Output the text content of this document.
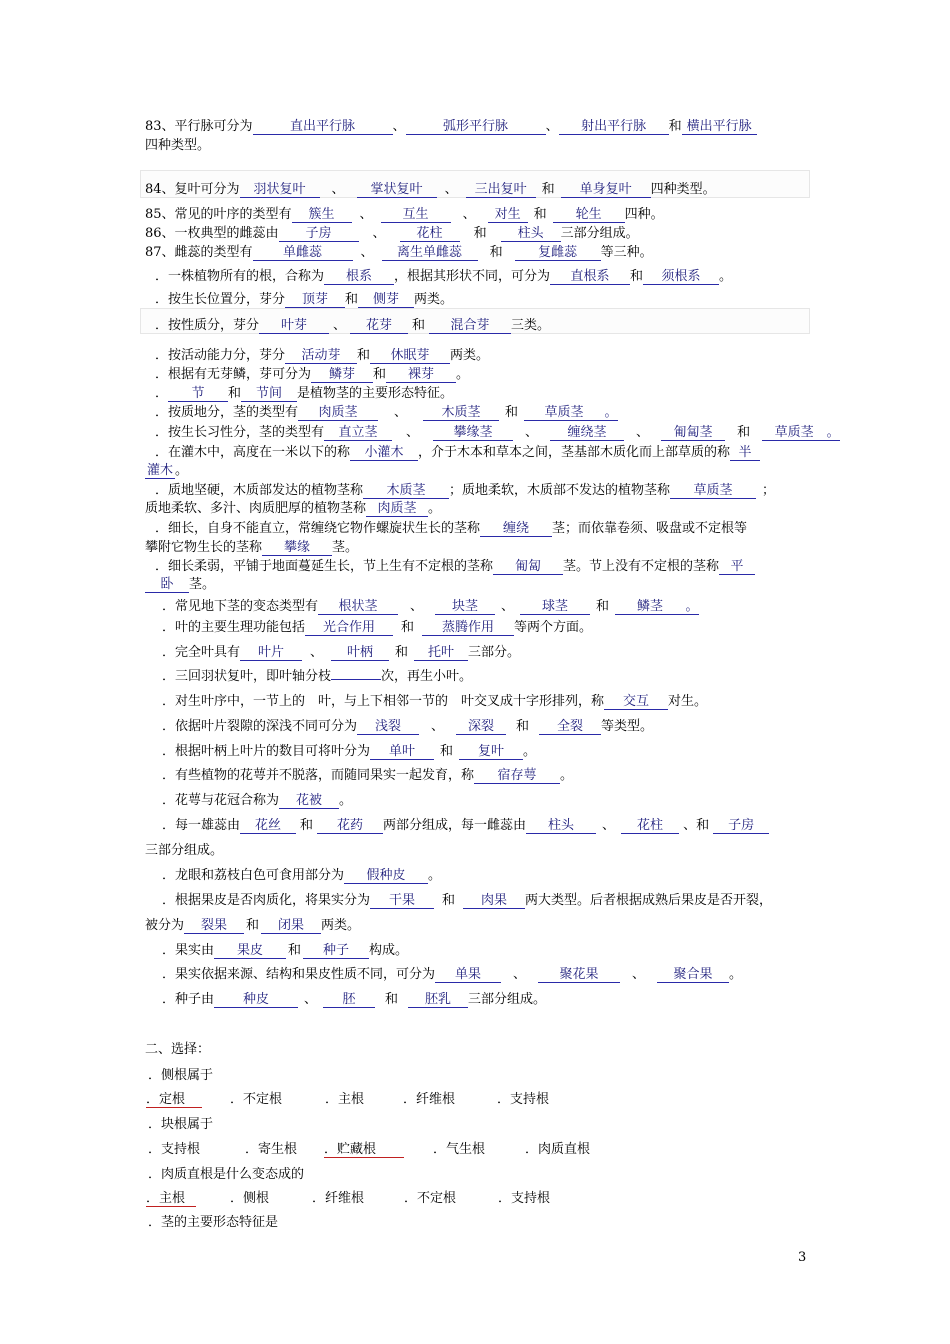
83、平行脉可分为	直出平行脉	、	弧形平行脉	、 射出平行脉 和 横出平行脉
四种类型。
84、复叶可分为 羽状复叶 、 掌状复叶 、 三出复叶 和 单身复叶 四种类型。
85、常见的叶序的类型有 簇生 、 互生	、 对生 和 轮生 四种。
86、一枚典型的雌蕊由 子房	、 花柱 和 柱头 三部分组成。
87、雌蕊的类型有 单雌蕊	、 离生单雌蕊 和	复雌蕊 等三种。
．一株植物所有的根，合称为 根系 ，根据其形状不同，可分为 直根系 和 须根系 。
．按生长位置分，芽分 顶芽 和 侧芽 两类。
．按性质分，芽分 叶芽 、 花芽 和 混合芽 三类。
．按活动能力分，芽分 活动芽 和 休眠芽 两类。
．根据有无芽鳞，芽可分为 鳞芽 和 裸芽 。
． 节 和 节间 是植物茎的主要形态特征。
．按质地分，茎的类型有 肉质茎	、	木质茎 和 草质茎 。
．按生长习性分，茎的类型有 直立茎 、	攀缘茎	、 缠绕茎 、 匍匐茎 和 草质茎 。
．在灌木中，高度在一米以下的称 小灌木 ，介于木本和草本之间，茎基部木质化而上部草质的称 半
灌木 。
．质地坚硬，木质部发达的植物茎称 木质茎 ；质地柔软，木质部不发达的植物茎称 草质茎 ；
质地柔软、多汁、肉质肥厚的植物茎称 肉质茎 。
．细长，自身不能直立，常缠绕它物作螺旋状生长的茎称 缠绕 茎；而依靠卷须、吸盘或不定根等
攀附它物生长的茎称 攀缘 茎。
．细长柔弱，平铺于地面蔓延生长，节上生有不定根的茎称 匍匐 茎。节上没有不定根的茎称 平
卧 茎。
．常见地下茎的变态类型有 根状茎	、 块茎 、 球茎 和 鳞茎 。
．叶的主要生理功能包括 光合作用 和 蒸腾作用 等两个方面。
．完全叶具有 叶片 、 叶柄 和 托叶 三部分。
．三回羽状复叶，即叶轴分枝	次，再生小叶。
．对生叶序中，一节上的　叶，与上下相邻一节的　叶交叉成十字形排列，称 交互 对生。
．依据叶片裂隙的深浅不同可分为 浅裂 、 深裂 和 全裂 等类型。
．根据叶柄上叶片的数目可将叶分为 单叶 和 复叶 。
．有些植物的花萼并不脱落，而随同果实一起发育，称 宿存萼 。
．花萼与花冠合称为 花被 。
．每一雄蕊由 花丝 和 花药 两部分组成，每一雌蕊由 柱头 、 花柱 、和 子房
三部分组成。
．龙眼和荔枝白色可食用部分为 假种皮 。
．根据果皮是否肉质化，将果实分为 干果 和 肉果 两大类型。后者根据成熟后果皮是否开裂，
被分为 裂果 和 闭果 两类。
．果实由 果皮 和 种子 构成。
．果实依据来源、结构和果皮性质不同，可分为 单果 、	聚花果	、 聚合果 。
．种子由 种皮	、 胚 和 胚乳 三部分组成。
二、选择：
．侧根属于
．定根	．不定根	．主根	．纤维根	．支持根
．块根属于
．支持根	．寄生根 ．贮藏根	．气生根	．肉质直根
．肉质直根是什么变态成的
．主根	．侧根	．纤维根	．不定根	．支持根
．茎的主要形态特征是
3
